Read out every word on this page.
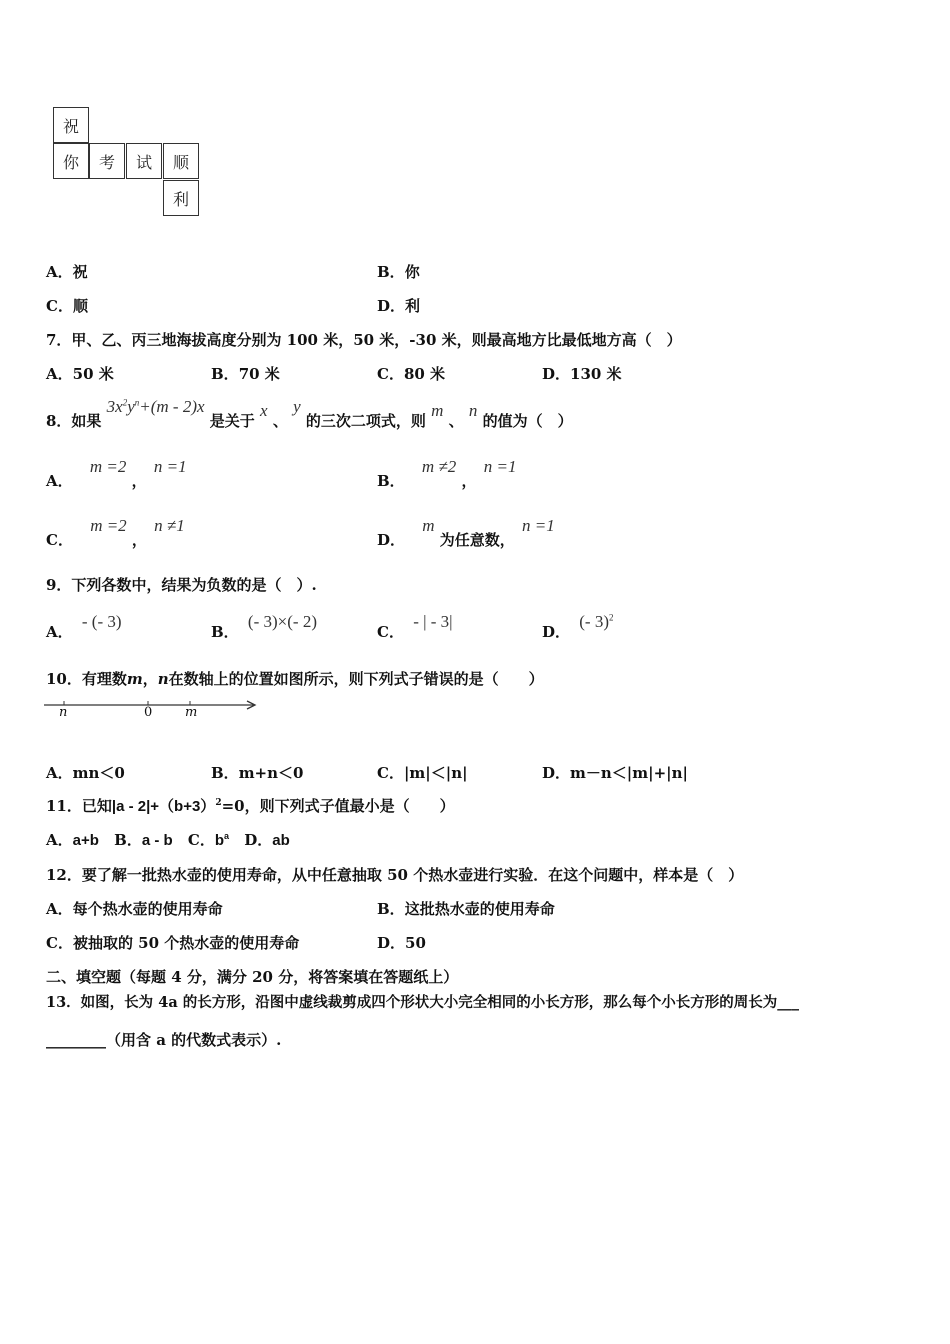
祝
你 考 试 顺
利
A．祝	B．你
C．顺	D．利
7．甲、乙、丙三地海拔高度分别为 100 米，50 米，-30 米，则最高地方比最低地方高（　）
A．50 米	B．70 米	C．80 米	D．130 米
8．如果 $3x^2y^n+(m - 2)x$ 是关于 x 、 y 的三次二项式，则 m 、 n 的值为（　）
A． m =2 ， n =1
B． m ≠2 ， n =1
C． m =2 ， n ≠1
D． m 为任意数， n =1
9．下列各数中，结果为负数的是（　）.
A． - (- 3)
B． (- 3)×(- 2)
C． - | - 3|
D． (- 3)$^2$
10．有理数m，n在数轴上的位置如图所示，则下列式子错误的是（　　）
n	0	m
A．mn＜0	B．m+n＜0	C．|m|＜|n|	D．m－n＜|m|+|n|
11．已知$|a - 2|+(b+3)^2=0$，则下列式子值最小是（　　）
A．a+b B．a - b C．$b^a$ D．ab
12．要了解一批热水壶的使用寿命，从中任意抽取 50 个热水壶进行实验．在这个问题中，样本是（　）
A．每个热水壶的使用寿命	B．这批热水壶的使用寿命
C．被抽取的 50 个热水壶的使用寿命	D．50
二、填空题（每题 4 分，满分 20 分，将答案填在答题纸上）
13．如图，长为 4a 的长方形，沿图中虚线裁剪成四个形状大小完全相同的小长方形，那么每个小长方形的周长为___
________（用含 a 的代数式表示）.
